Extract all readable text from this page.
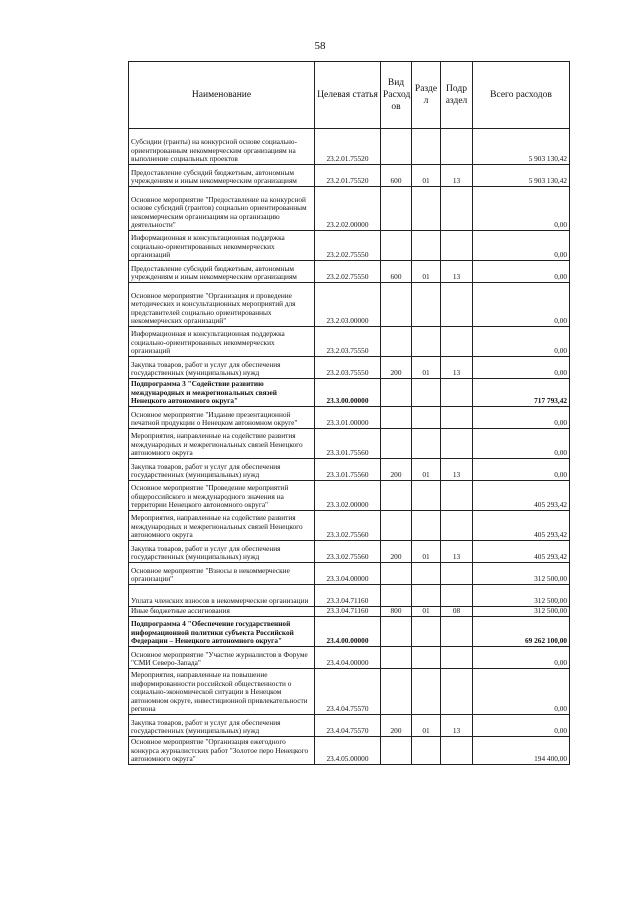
58
Наименование	Целевая статья	Вид Расход ов	Разде л	Подр аздел	Всего расходов
Субсидии (гранты) на конкурсной основе социально-ориентированным некоммерческим организациям на выполнение социальных проектов	23.2.01.75520				5 903 130,42
Предоставление субсидий бюджетным, автономным учреждениям и иным некоммерческим организациям	23.2.01.75520	600	01	13	5 903 130,42
Основное мероприятие "Предоставление на конкурсной основе субсидий (грантов) социально ориентированным некоммерческим организациям на организацию деятельности"	23.2.02.00000				0,00
Информационная и консультационная поддержка социально-ориентированных некоммерческих организаций	23.2.02.75550				0,00
Предоставление субсидий бюджетным, автономным учреждениям и иным некоммерческим организациям	23.2.02.75550	600	01	13	0,00
Основное мероприятие "Организация и проведение методических и консультационных мероприятий для представителей социально ориентированных некоммерческих организаций"	23.2.03.00000				0,00
Информационная и консультационная поддержка социально-ориентированных некоммерческих организаций	23.2.03.75550				0,00
Закупка товаров, работ и услуг для обеспечения государственных (муниципальных) нужд	23.2.03.75550	200	01	13	0,00
Подпрограмма 3 "Содействие развитию международных и межрегиональных связей Ненецкого автономного округа"	23.3.00.00000				717 793,42
Основное мероприятие "Издание презентационной печатной продукции о Ненецком автономном округе"	23.3.01.00000				0,00
Мероприятия, направленные на содействие развития международных и межрегиональных связей Ненецкого автономного округа	23.3.01.75560				0,00
Закупка товаров, работ и услуг для обеспечения государственных (муниципальных) нужд	23.3.01.75560	200	01	13	0,00
Основное мероприятие "Проведение мероприятий общероссийского и международного значения на территории Ненецкого автономного округа"	23.3.02.00000				405 293,42
Мероприятия, направленные на содействие развития международных и межрегиональных связей Ненецкого автономного округа	23.3.02.75560				405 293,42
Закупка товаров, работ и услуг для обеспечения государственных (муниципальных) нужд	23.3.02.75560	200	01	13	405 293,42
Основное мероприятие "Взносы в некоммерческие организации"	23.3.04.00000				312 500,00
Уплата членских взносов в некоммерческие организации	23.3.04.71160				312 500,00
Иные бюджетные ассигнования	23.3.04.71160	800	01	08	312 500,00
Подпрограмма 4 "Обеспечение государственной информационной политики субъекта Российской Федерации – Ненецкого автономного округа"	23.4.00.00000				69 262 100,00
Основное мероприятие "Участие журналистов в Форуме "СМИ Северо-Запада"	23.4.04.00000				0,00
Мероприятия, направленные на повышение информированности российской общественности о социально-экономической ситуации в Ненецком автономном округе, инвестиционной привлекательности региона	23.4.04.75570				0,00
Закупка товаров, работ и услуг для обеспечения государственных (муниципальных) нужд	23.4.04.75570	200	01	13	0,00
Основное мероприятие "Организация ежегодного конкурса журналистских работ "Золотое перо Ненецкого автономного округа"	23.4.05.00000				194 400,00
